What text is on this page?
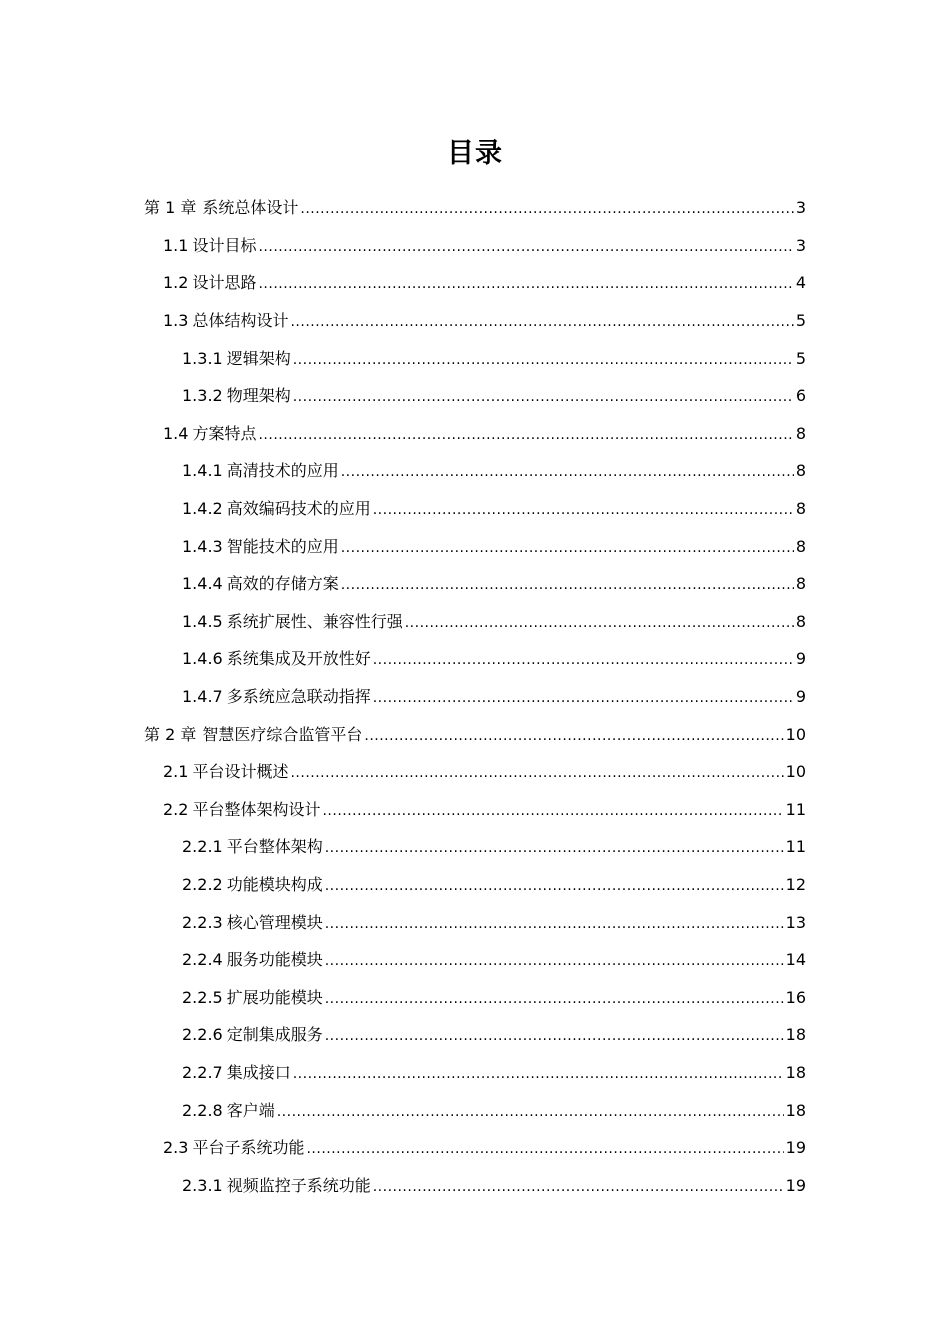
目录
第 1 章 系统总体设计 .....	3
1.1 设计目标 .....	3
1.2 设计思路 .....	4
1.3 总体结构设计 .....	5
1.3.1 逻辑架构 .....	5
1.3.2 物理架构 .....	6
1.4 方案特点 .....	8
1.4.1 高清技术的应用 .....	8
1.4.2 高效编码技术的应用 .....	8
1.4.3 智能技术的应用 .....	8
1.4.4 高效的存储方案 .....	8
1.4.5 系统扩展性、兼容性行强 .....	8
1.4.6 系统集成及开放性好 .....	9
1.4.7 多系统应急联动指挥 .....	9
第 2 章 智慧医疗综合监管平台 .....	10
2.1 平台设计概述 .....	10
2.2 平台整体架构设计 .....	11
2.2.1 平台整体架构 .....	11
2.2.2 功能模块构成 .....	12
2.2.3 核心管理模块 .....	13
2.2.4 服务功能模块 .....	14
2.2.5 扩展功能模块 .....	16
2.2.6 定制集成服务 .....	18
2.2.7 集成接口 .....	18
2.2.8 客户端 .....	18
2.3 平台子系统功能 .....	19
2.3.1 视频监控子系统功能 .....	19
